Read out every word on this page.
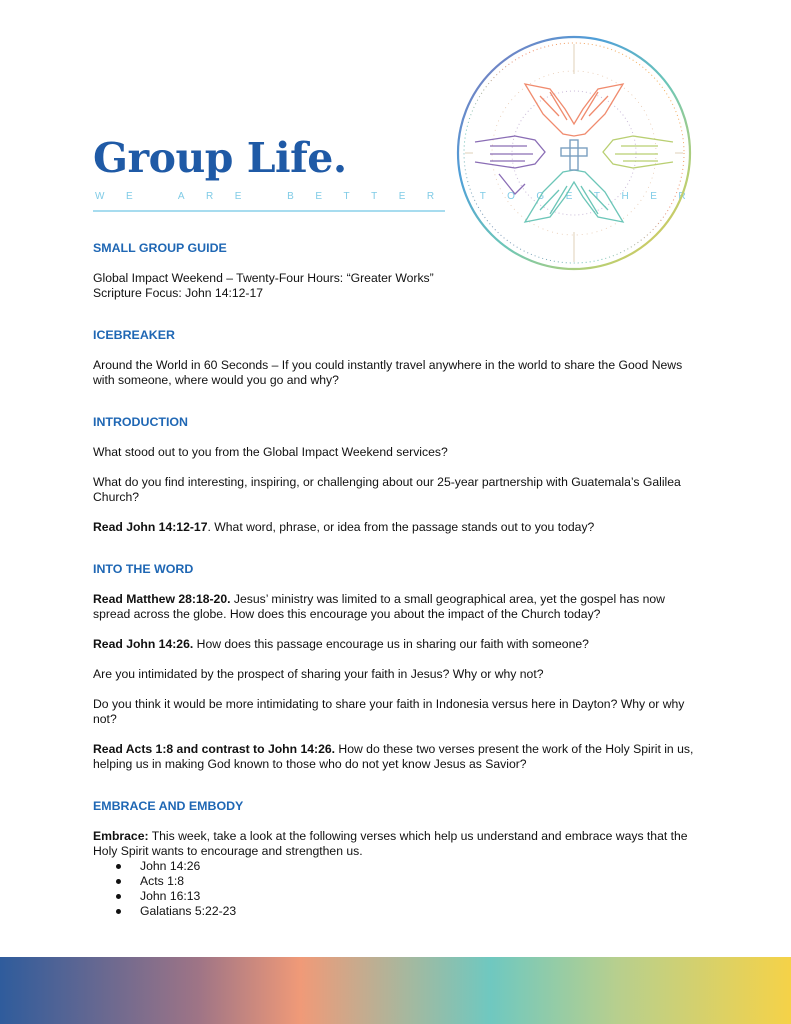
Group Life.
WE ARE BETTER TOGETHER
SMALL GROUP GUIDE

Global Impact Weekend – Twenty-Four Hours: “Greater Works”

Scripture Focus: John 14:12-17

ICEBREAKER

Around the World in 60 Seconds – If you could instantly travel anywhere in the world to share the Good News with someone, where would you go and why?

INTRODUCTION

What stood out to you from the Global Impact Weekend services?

What do you find interesting, inspiring, or challenging about our 25-year partnership with Guatemala’s Galilea Church?

Read John 14:12-17. What word, phrase, or idea from the passage stands out to you today?

INTO THE WORD

Read Matthew 28:18-20. Jesus’ ministry was limited to a small geographical area, yet the gospel has now spread across the globe. How does this encourage you about the impact of the Church today?

Read John 14:26. How does this passage encourage us in sharing our faith with someone?

Are you intimidated by the prospect of sharing your faith in Jesus? Why or why not?

Do you think it would be more intimidating to share your faith in Indonesia versus here in Dayton? Why or why not?

Read Acts 1:8 and contrast to John 14:26. How do these two verses present the work of the Holy Spirit in us, helping us in making God known to those who do not yet know Jesus as Savior?

EMBRACE AND EMBODY

Embrace: This week, take a look at the following verses which help us understand and embrace ways that the Holy Spirit wants to encourage and strengthen us.

John 14:26
Acts 1:8
John 16:13
Galatians 5:22-23
